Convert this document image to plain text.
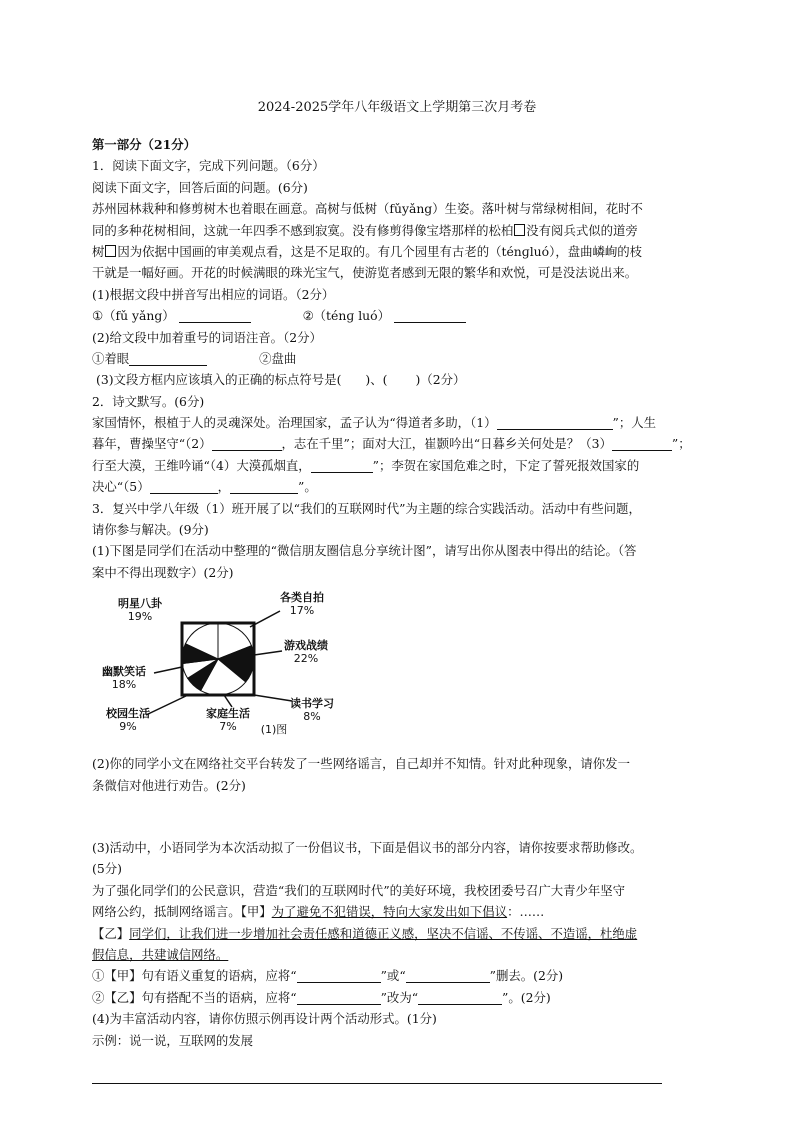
2024-2025学年八年级语文上学期第三次月考卷
第一部分（21分）
1．阅读下面文字，完成下列问题。（6分）
阅读下面文字，回答后面的问题。(6分)
苏州园林栽种和修剪树木也着眼在画意。高树与低树（fǔyǎng）生姿。落叶树与常绿树相间，花时不
同的多种花树相间，这就一年四季不感到寂寞。没有修剪得像宝塔那样的松柏 没有阅兵式似的道旁
树 因为依据中国画的审美观点看，这是不足取的。有几个园里有古老的（ténɡluó），盘曲嶙峋的枝
干就是一幅好画。开花的时候满眼的珠光宝气，使游览者感到无限的繁华和欢悦，可是没法说出来。
(1)根据文段中拼音写出相应的词语。（2分）
①（fǔ yǎng）	②（ténɡ luó）
(2)给文段中加着重号的词语注音。（2分）
①着眼	②盘曲
(3)文段方框内应该填入的正确的标点符号是( )、( )（2分）
2．诗文默写。(6分)
家国情怀，根植于人的灵魂深处。治理国家，孟子认为“得道者多助，（1）	”；人生
暮年，曹操坚守“（2）	，志在千里”；面对大江，崔颢吟出“日暮乡关何处是？（3）	”；
行至大漠，王维吟诵“（4）大漠孤烟直，	”；李贺在家国危难之时，下定了誓死报效国家的
决心“（5）	，	”。
3．复兴中学八年级（1）班开展了以“我们的互联网时代”为主题的综合实践活动。活动中有些问题，
请你参与解决。(9分)
(1)下图是同学们在活动中整理的“微信朋友圈信息分享统计图”，请写出你从图表中得出的结论。（答
案中不得出现数字）(2分)
明星八卦
19%
各类自拍
17%
游戏战绩
22%
读书学习
8%
家庭生活
7%
校园生活
9%
幽默笑话
18%
(1)图
(2)你的同学小文在网络社交平台转发了一些网络谣言，自己却并不知情。针对此种现象，请你发一
条微信对他进行劝告。(2分)
(3)活动中，小语同学为本次活动拟了一份倡议书，下面是倡议书的部分内容，请你按要求帮助修改。
(5分)
为了强化同学们的公民意识，营造“我们的互联网时代”的美好环境，我校团委号召广大青少年坚守
网络公约，抵制网络谣言。【甲】为了避免不犯错误，特向大家发出如下倡议：……
【乙】同学们，让我们进一步增加社会责任感和道德正义感，坚决不信谣、不传谣、不造谣，杜绝虚
假信息，共建诚信网络。
①【甲】句有语义重复的语病，应将“	”或“	”删去。(2分)
②【乙】句有搭配不当的语病，应将“	”改为“	”。(2分)
(4)为丰富活动内容，请你仿照示例再设计两个活动形式。(1分)
示例：说一说，互联网的发展
